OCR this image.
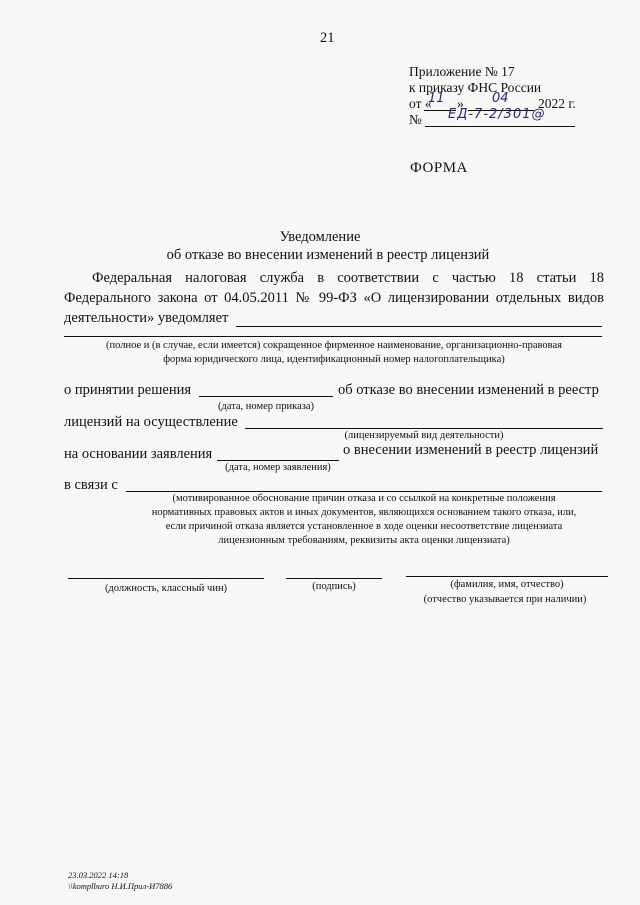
21
Приложение № 17
к приказу ФНС России
от «
11 » 04 2022 г.
№ ЕД-7-2/301@
ФОРМА
Уведомление
об отказе во внесении изменений в реестр лицензий
Федеральная налоговая служба в соответствии с частью 18 статьи 18
Федерального закона от 04.05.2011 № 99-ФЗ «О лицензировании отдельных видов
деятельности» уведомляет
(полное и (в случае, если имеется) сокращенное фирменное наименование, организационно-правовая
форма юридического лица, идентификационный номер налогоплательщика)
о принятии решения	об отказе во внесении изменений в реестр
(дата, номер приказа)
лицензий на осуществление
(лицензируемый вид деятельности)
на основании заявления	о внесении изменений в реестр лицензий
(дата, номер заявления)
в связи с
(мотивированное обоснование причин отказа и со ссылкой на конкретные положения
нормативных правовых актов и иных документов, являющихся основанием такого отказа, или,
если причиной отказа является установленное в ходе оценки несоответствие лицензиата
лицензионным требованиям, реквизиты акта оценки лицензиата)
(должность, классный чин)	(подпись)	(фамилия, имя, отчество)
(отчество указывается при наличии)
23.03.2022 14:18
\\komplburo Н.И.Прил-И7886
